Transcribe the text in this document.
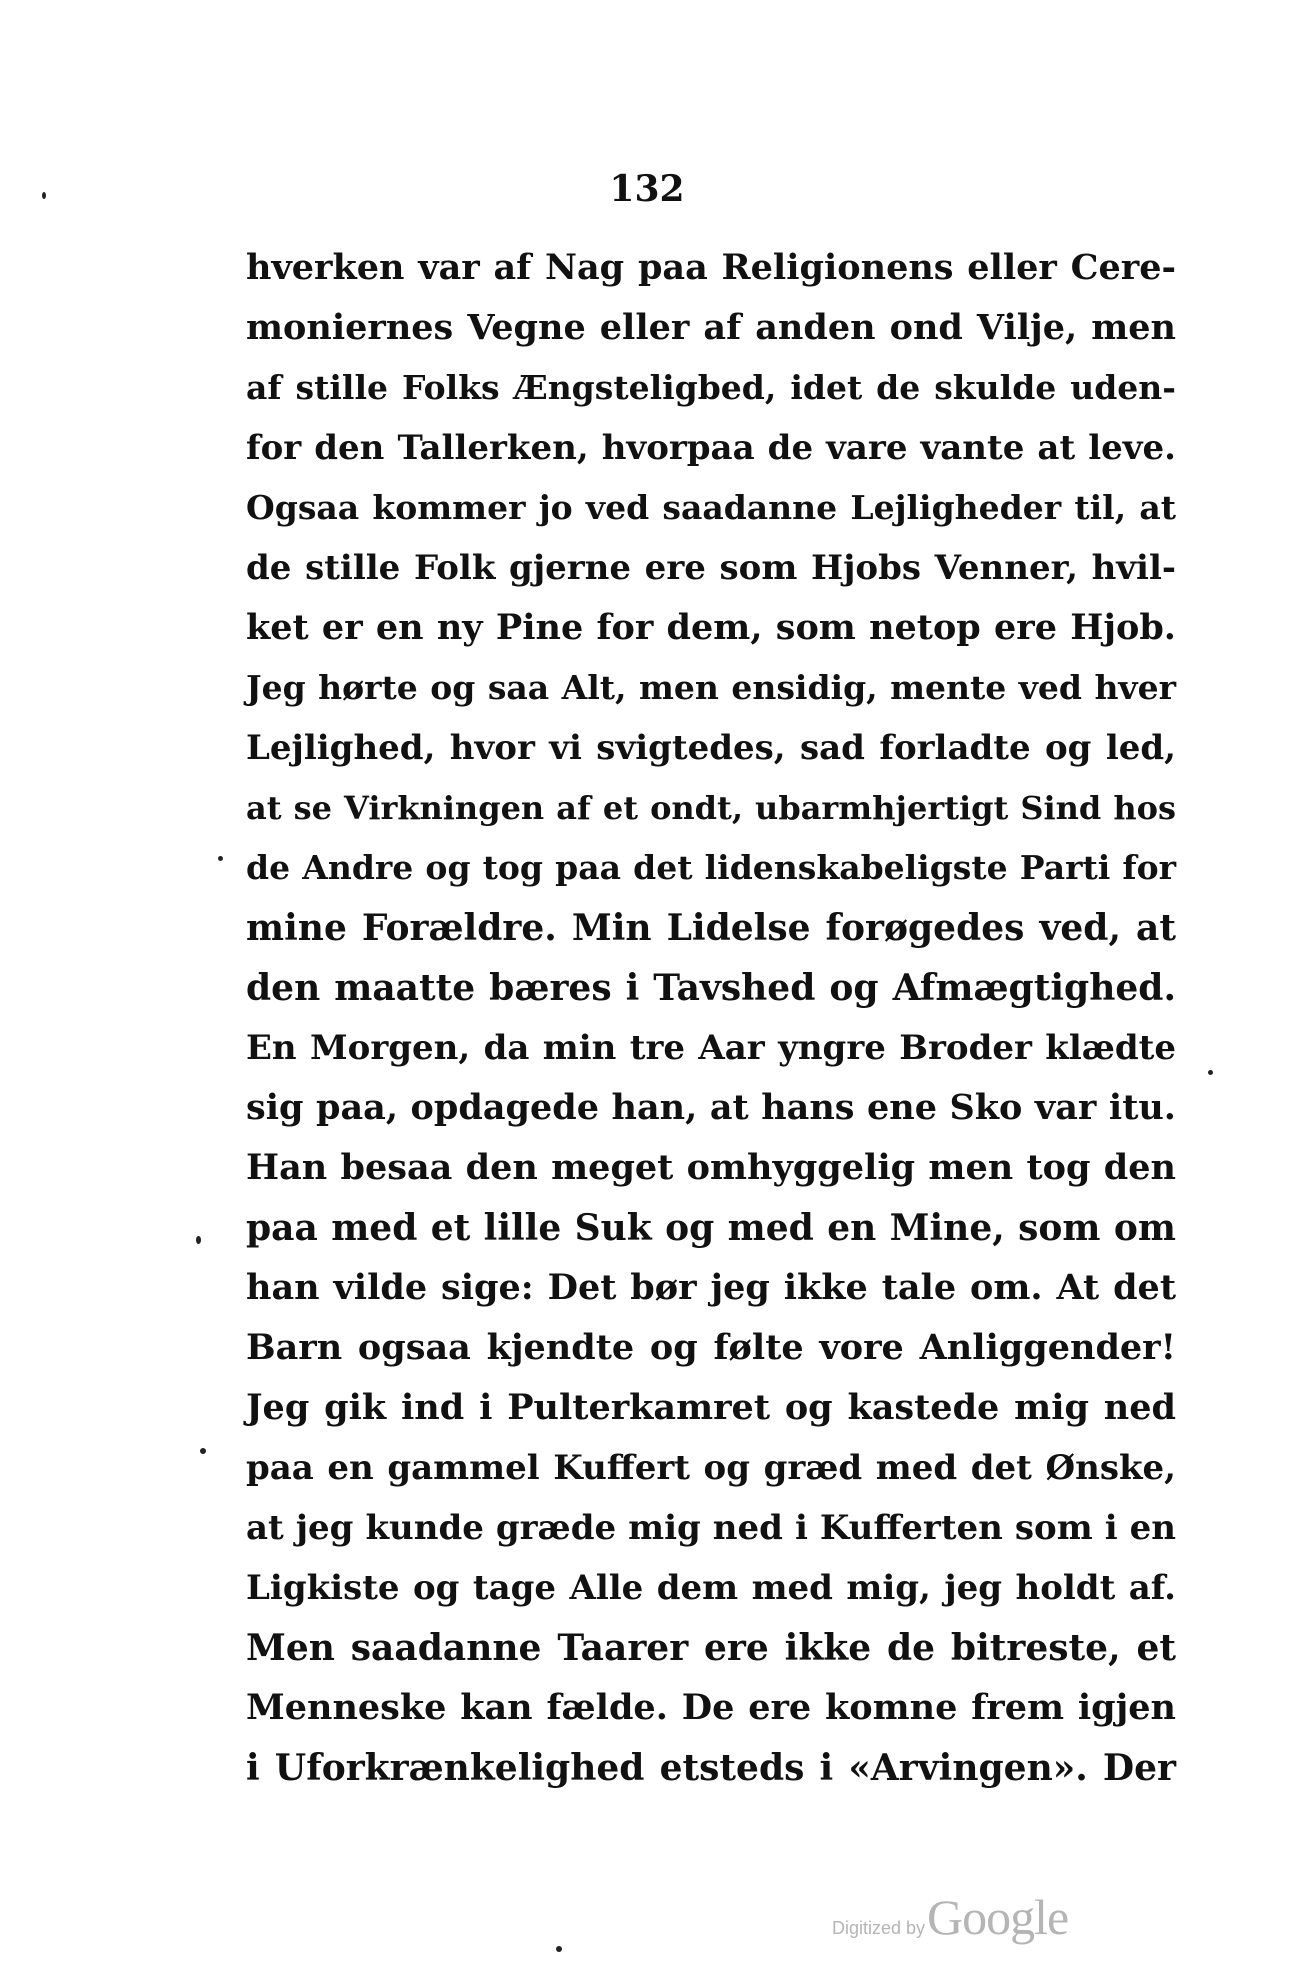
132
hverken var af Nag paa Religionens eller Cere-
moniernes Vegne eller af anden ond Vilje, men
af stille Folks Ængsteligbed, idet de skulde uden-
for den Tallerken, hvorpaa de vare vante at leve.
Ogsaa kommer jo ved saadanne Lejligheder til, at
de stille Folk gjerne ere som Hjobs Venner, hvil-
ket er en ny Pine for dem, som netop ere Hjob.
Jeg hørte og saa Alt, men ensidig, mente ved hver
Lejlighed, hvor vi svigtedes, sad forladte og led,
at se Virkningen af et ondt, ubarmhjertigt Sind hos
de Andre og tog paa det lidenskabeligste Parti for
mine Forældre. Min Lidelse forøgedes ved, at
den maatte bæres i Tavshed og Afmægtighed.
En Morgen, da min tre Aar yngre Broder klædte
sig paa, opdagede han, at hans ene Sko var itu.
Han besaa den meget omhyggelig men tog den
paa med et lille Suk og med en Mine, som om
han vilde sige: Det bør jeg ikke tale om. At det
Barn ogsaa kjendte og følte vore Anliggender!
Jeg gik ind i Pulterkamret og kastede mig ned
paa en gammel Kuffert og græd med det Ønske,
at jeg kunde græde mig ned i Kufferten som i en
Ligkiste og tage Alle dem med mig, jeg holdt af.
Men saadanne Taarer ere ikke de bitreste, et
Menneske kan fælde. De ere komne frem igjen
i Uforkrænkelighed etsteds i «Arvingen». Der
Digitized byGoogle
